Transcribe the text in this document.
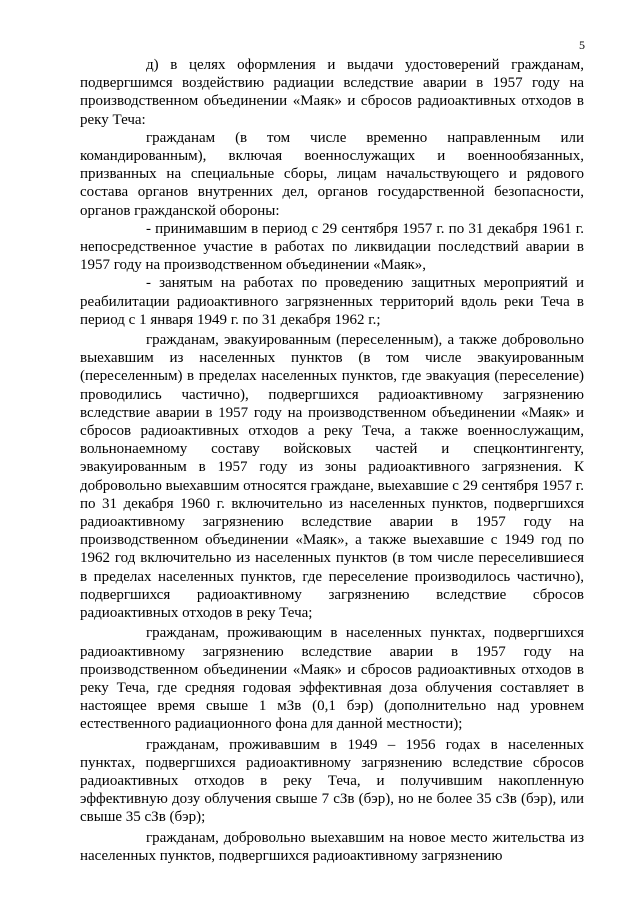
5

д) в целях оформления и выдачи удостоверений гражданам, подвергшимся воздействию радиации вследствие аварии в 1957 году на производственном объединении «Маяк» и сбросов радиоактивных отходов в реку Теча:

гражданам (в том числе временно направленным или командированным), включая военнослужащих и военнообязанных, призванных на специальные сборы, лицам начальствующего и рядового состава органов внутренних дел, органов государственной безопасности, органов гражданской обороны:

- принимавшим в период с 29 сентября 1957 г. по 31 декабря 1961 г. непосредственное участие в работах по ликвидации последствий аварии в 1957 году на производственном объединении «Маяк»,

- занятым на работах по проведению защитных мероприятий и реабилитации радиоактивного загрязненных территорий вдоль реки Теча в период с 1 января 1949 г. по 31 декабря 1962 г.;

гражданам, эвакуированным (переселенным), а также добровольно выехавшим из населенных пунктов (в том числе эвакуированным (переселенным) в пределах населенных пунктов, где эвакуация (переселение) проводились частично), подвергшихся радиоактивному загрязнению вследствие аварии в 1957 году на производственном объединении «Маяк» и сбросов радиоактивных отходов а реку Теча, а также военнослужащим, вольнонаемному составу войсковых частей и спецконтингенту, эвакуированным в 1957 году из зоны радиоактивного загрязнения. К добровольно выехавшим относятся граждане, выехавшие с 29 сентября 1957 г. по 31 декабря 1960 г. включительно из населенных пунктов, подвергшихся радиоактивному загрязнению вследствие аварии в 1957 году на производственном объединении «Маяк», а также выехавшие с 1949 год по 1962 год включительно из населенных пунктов (в том числе переселившиеся в пределах населенных пунктов, где переселение производилось частично), подвергшихся радиоактивному загрязнению вследствие сбросов радиоактивных отходов в реку Теча;

гражданам, проживающим в населенных пунктах, подвергшихся радиоактивному загрязнению вследствие аварии в 1957 году на производственном объединении «Маяк» и сбросов радиоактивных отходов в реку Теча, где средняя годовая эффективная доза облучения составляет в настоящее время свыше 1 мЗв (0,1 бэр) (дополнительно над уровнем естественного радиационного фона для данной местности);

гражданам, проживавшим в 1949 – 1956 годах в населенных пунктах, подвергшихся радиоактивному загрязнению вследствие сбросов радиоактивных отходов в реку Теча, и получившим накопленную эффективную дозу облучения свыше 7 сЗв (бэр), но не более 35 сЗв (бэр), или свыше 35 сЗв (бэр);

гражданам, добровольно выехавшим на новое место жительства из населенных пунктов, подвергшихся радиоактивному загрязнению
